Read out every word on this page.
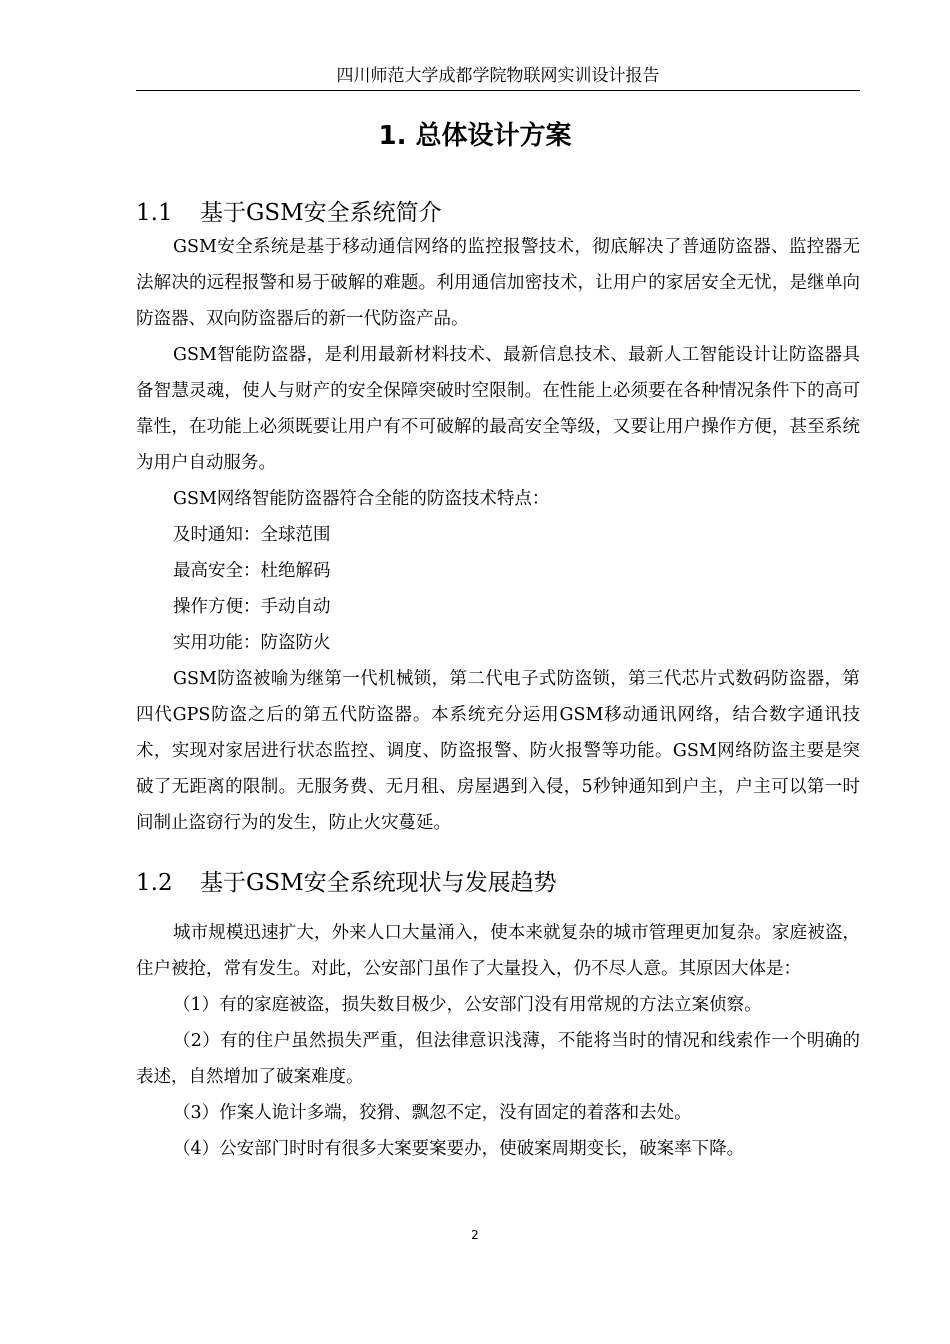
四川师范大学成都学院物联网实训设计报告
1. 总体设计方案
1.1 基于GSM安全系统简介

GSM安全系统是基于移动通信网络的监控报警技术，彻底解决了普通防盗器、监控器无法解决的远程报警和易于破解的难题。利用通信加密技术，让用户的家居安全无忧，是继单向防盗器、双向防盗器后的新一代防盗产品。

GSM智能防盗器，是利用最新材料技术、最新信息技术、最新人工智能设计让防盗器具备智慧灵魂，使人与财产的安全保障突破时空限制。在性能上必须要在各种情况条件下的高可靠性，在功能上必须既要让用户有不可破解的最高安全等级，又要让用户操作方便，甚至系统为用户自动服务。

GSM网络智能防盗器符合全能的防盗技术特点：

及时通知：全球范围

最高安全：杜绝解码

操作方便：手动自动

实用功能：防盗防火

GSM防盗被喻为继第一代机械锁，第二代电子式防盗锁，第三代芯片式数码防盗器，第四代GPS防盗之后的第五代防盗器。本系统充分运用GSM移动通讯网络，结合数字通讯技术，实现对家居进行状态监控、调度、防盗报警、防火报警等功能。GSM网络防盗主要是突破了无距离的限制。无服务费、无月租、房屋遇到入侵，5秒钟通知到户主，户主可以第一时间制止盗窃行为的发生，防止火灾蔓延。

1.2 基于GSM安全系统现状与发展趋势

城市规模迅速扩大，外来人口大量涌入，使本来就复杂的城市管理更加复杂。家庭被盗，住户被抢，常有发生。对此，公安部门虽作了大量投入，仍不尽人意。其原因大体是：

（1）有的家庭被盗，损失数目极少，公安部门没有用常规的方法立案侦察。

（2）有的住户虽然损失严重，但法律意识浅薄，不能将当时的情况和线索作一个明确的表述，自然增加了破案难度。

（3）作案人诡计多端，狡猾、飘忽不定，没有固定的着落和去处。

（4）公安部门时时有很多大案要案要办，使破案周期变长，破案率下降。

2
